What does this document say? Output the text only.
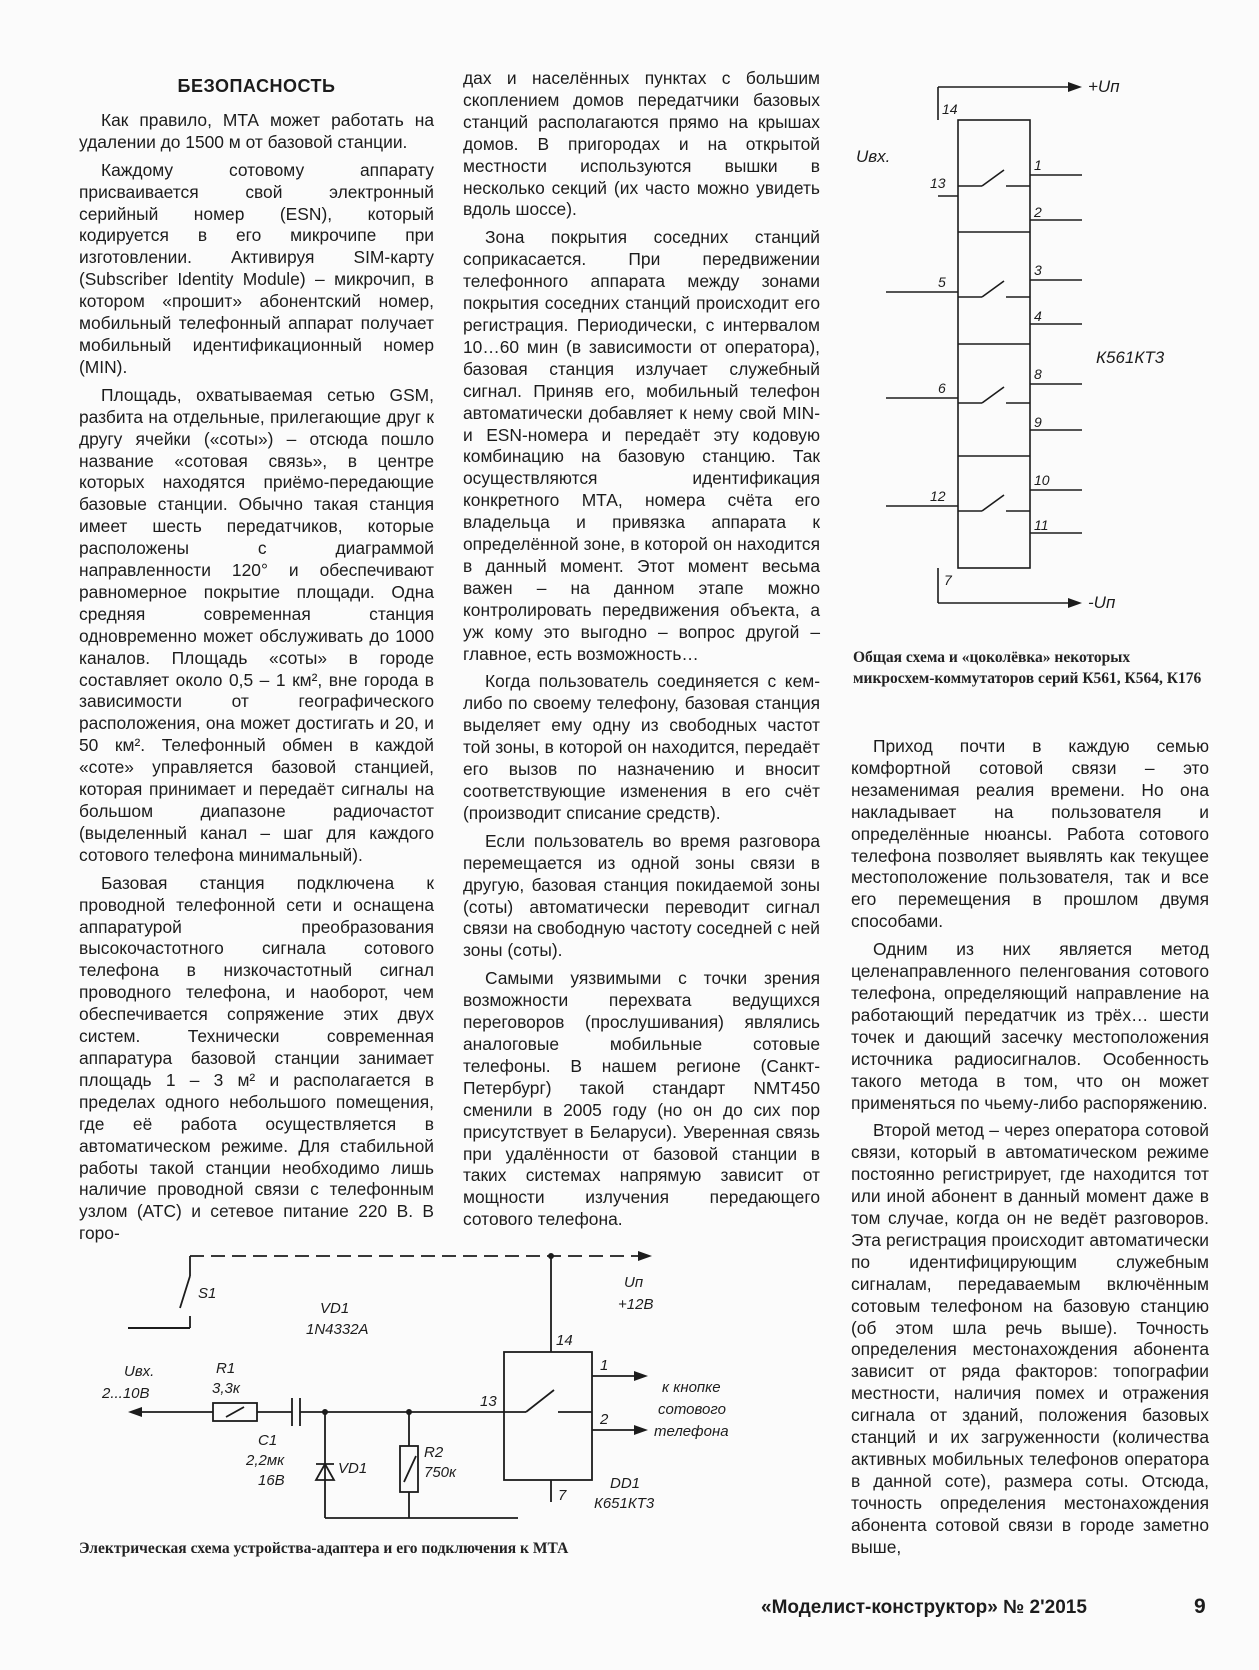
БЕЗОПАСНОСТЬ

Как правило, МТА может работать на удалении до 1500 м от базовой станции.

Каждому сотовому аппарату присваивается свой электронный серийный номер (ESN), который кодируется в его микрочипе при изготовлении. Активируя SIM-карту (Subscriber Identity Module) – микрочип, в котором «прошит» абонентский номер, мобильный телефонный аппарат получает мобильный идентификационный номер (MIN).

Площадь, охватываемая сетью GSM, разбита на отдельные, прилегающие друг к другу ячейки («соты») – отсюда пошло название «сотовая связь», в центре которых находятся приёмо-передающие базовые станции. Обычно такая станция имеет шесть передатчиков, которые расположены с диаграммой направленности 120° и обеспечивают равномерное покрытие площади. Одна средняя современная станция одновременно может обслуживать до 1000 каналов. Площадь «соты» в городе составляет около 0,5 – 1 км², вне города в зависимости от географического расположения, она может достигать и 20, и 50 км². Телефонный обмен в каждой «соте» управляется базовой станцией, которая принимает и передаёт сигналы на большом диапазоне радиочастот (выделенный канал – шаг для каждого сотового телефона минимальный).

Базовая станция подключена к проводной телефонной сети и оснащена аппаратурой преобразования высокочастотного сигнала сотового телефона в низкочастотный сигнал проводного телефона, и наоборот, чем обеспечивается сопряжение этих двух систем. Технически современная аппаратура базовой станции занимает площадь 1 – 3 м² и располагается в пределах одного небольшого помещения, где её работа осуществляется в автоматическом режиме. Для стабильной работы такой станции необходимо лишь наличие проводной связи с телефонным узлом (АТС) и сетевое питание 220 В. В горо-

дах и населённых пунктах с большим скоплением домов передатчики базовых станций располагаются прямо на крышах домов. В пригородах и на открытой местности используются вышки в несколько секций (их часто можно увидеть вдоль шоссе).

Зона покрытия соседних станций соприкасается. При передвижении телефонного аппарата между зонами покрытия соседних станций происходит его регистрация. Периодически, с интервалом 10…60 мин (в зависимости от оператора), базовая станция излучает служебный сигнал. Приняв его, мобильный телефон автоматически добавляет к нему свой MIN- и ESN-номера и передаёт эту кодовую комбинацию на базовую станцию. Так осуществляются идентификация конкретного МТА, номера счёта его владельца и привязка аппарата к определённой зоне, в которой он находится в данный момент. Этот момент весьма важен – на данном этапе можно контролировать передвижения объекта, а уж кому это выгодно – вопрос другой – главное, есть возможность…

Когда пользователь соединяется с кем-либо по своему телефону, базовая станция выделяет ему одну из свободных частот той зоны, в которой он находится, передаёт его вызов по назначению и вносит соответствующие изменения в его счёт (производит списание средств).

Если пользователь во время разговора перемещается из одной зоны связи в другую, базовая станция покидаемой зоны (соты) автоматически переводит сигнал связи на свободную частоту соседней с ней зоны (соты).

Самыми уязвимыми с точки зрения возможности перехвата ведущихся переговоров (прослушивания) являлись аналоговые мобильные сотовые телефоны. В нашем регионе (Санкт-Петербург) такой стандарт NMT450 сменили в 2005 году (но он до сих пор присутствует в Беларуси). Уверенная связь при удалённости от базовой станции в таких системах напрямую зависит от мощности излучения передающего сотового телефона.

+Uп
-Uп
Uвх.
К561КТ3
14
13
1
2
5
3
4
6
8
9
12
10
11
7
Общая схема и «цоколёвка» некоторых микросхем-коммутаторов серий К561, К564, К176

Приход почти в каждую семью комфортной сотовой связи – это незаменимая реалия времени. Но она накладывает на пользователя и определённые нюансы. Работа сотового телефона позволяет выявлять как текущее местоположение пользователя, так и все его перемещения в прошлом двумя способами.

Одним из них является метод целенаправленного пеленгования сотового телефона, определяющий направление на работающий передатчик из трёх… шести точек и дающий засечку местоположения источника радиосигналов. Особенность такого метода в том, что он может применяться по чьему-либо распоряжению.

Второй метод – через оператора сотовой связи, который в автоматическом режиме постоянно регистрирует, где находится тот или иной абонент в данный момент даже в том случае, когда он не ведёт разговоров. Эта регистрация происходит автоматически по идентифицирующим служебным сигналам, передаваемым включённым сотовым телефоном на базовую станцию (об этом шла речь выше). Точность определения местонахождения абонента зависит от ряда факторов: топографии местности, наличия помех и отражения сигнала от зданий, положения базовых станций и их загруженности (количества активных мобильных телефонов оператора в данной соте), размера соты. Отсюда, точность определения местонахождения абонента сотовой связи в городе заметно выше,

S1
VD1
1N4332A
Uп
+12В
Uвх.
2...10В
R1
3,3к
C1
2,2мк
16В
VD1
R2
750к
14
13
1
2
7
DD1
К651КТ3
к кнопке
сотового
телефона
Электрическая схема устройства-адаптера и его подключения к МТА
«Моделист-конструктор» № 2'2015	9
